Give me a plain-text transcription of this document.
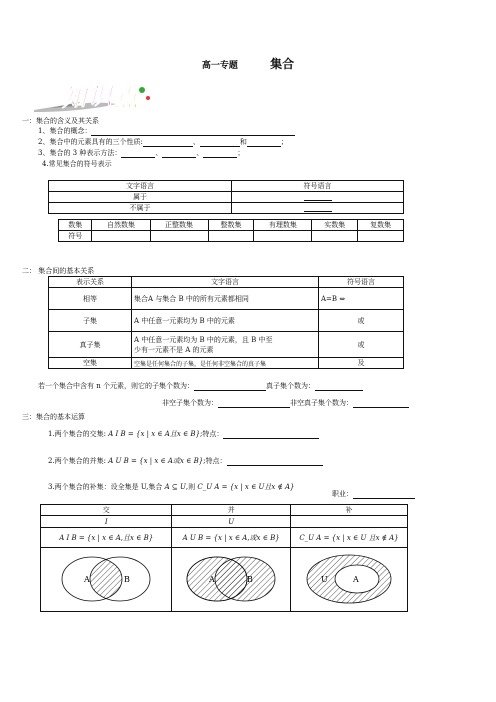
高一专题	集合
知 识 点
一：集合的含义及其关系
1、集合的概念：
2、集合中的元素具有的三个性质:	、	和	；
3、集合的 3 种表示方法：	、	、	；
4.常见集合的符号表示
文字语言	符号语言
属于	
不属于	
数集	自然数集	正整数集	整数集	有理数集	实数集	复数集
符号						
二： 集合间的基本关系
表示关系	文字语言	符号语言
相等	集合A 与集合 B 中的所有元素都相同	A=B ⇔
子集	A 中任意一元素均为 B 中的元素	或
真子集	A 中任意一元素均为 B 中的元素，且 B 中至
少有一元素不是 A 的元素	或
空集	空集是任何集合的子集，是任何非空集合的真子集	及
若一个集合中含有 n 个元素，则它的子集个数为：	真子集个数为：
非空子集个数为：	非空真子集个数为：
三：集合的基本运算
1.两个集合的交集: A I B = {x | x ∈ A且x ∈ B};特点：
2.两个集合的并集: A U B = {x | x ∈ A或x ∈ B};特点：
3.两个集合的补集：设全集是 U,集合 A ⊆ U,则 C_U A = {x | x ∈ U且x ∉ A}
职业：
交	并	补
I	U	
A I B = {x | x ∈ A,且x ∈ B}	A U B = {x | x ∈ A,或x ∈ B}	C_U A = {x | x ∈ U 且x ∉ A}

A B	A B	U A
